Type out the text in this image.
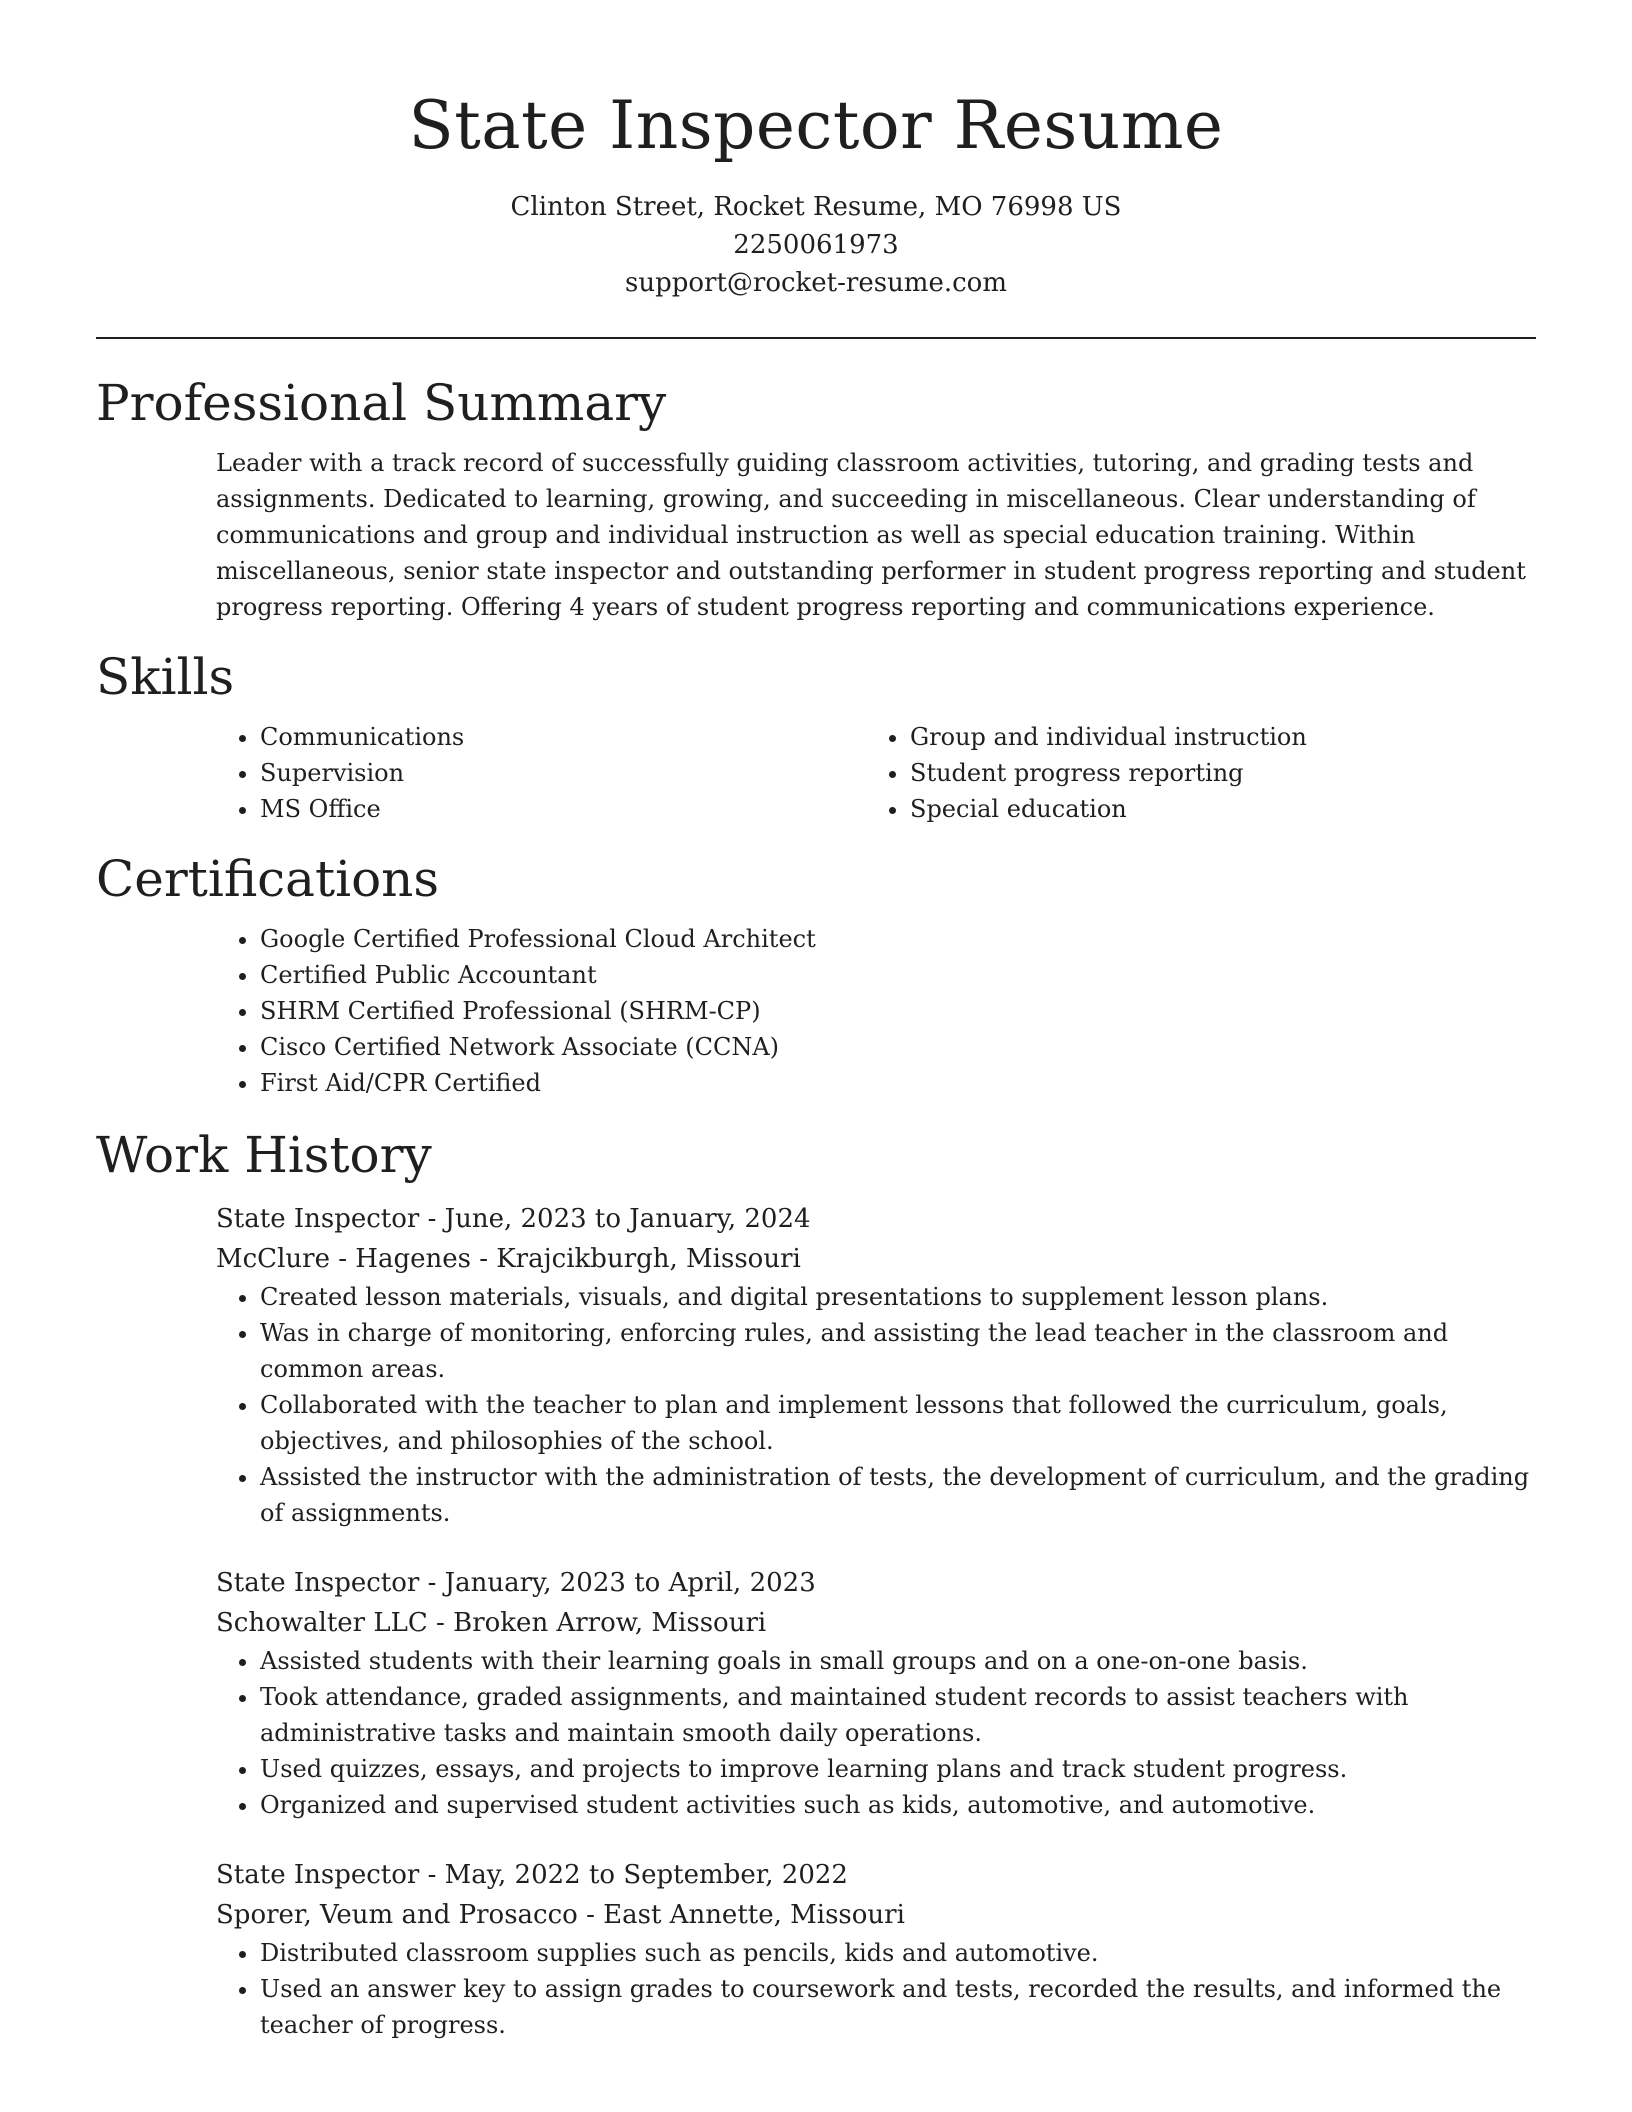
State Inspector Resume

Clinton Street, Rocket Resume, MO 76998 US

2250061973

support@rocket-resume.com

Professional Summary

Leader with a track record of successfully guiding classroom activities, tutoring, and grading tests and assignments. Dedicated to learning, growing, and succeeding in miscellaneous. Clear understanding of communications and group and individual instruction as well as special education training. Within miscellaneous, senior state inspector and outstanding performer in student progress reporting and student progress reporting. Offering 4 years of student progress reporting and communications experience.

Skills
• Communications
• Supervision
• MS Office
• Group and individual instruction
• Student progress reporting
• Special education
Certifications
• Google Certified Professional Cloud Architect
• Certified Public Accountant
• SHRM Certified Professional (SHRM-CP)
• Cisco Certified Network Associate (CCNA)
• First Aid/CPR Certified
Work History

State Inspector - June, 2023 to January, 2024

McClure - Hagenes - Krajcikburgh, Missouri

• Created lesson materials, visuals, and digital presentations to supplement lesson plans.
• Was in charge of monitoring, enforcing rules, and assisting the lead teacher in the classroom and common areas.
• Collaborated with the teacher to plan and implement lessons that followed the curriculum, goals, objectives, and philosophies of the school.
• Assisted the instructor with the administration of tests, the development of curriculum, and the grading of assignments.

State Inspector - January, 2023 to April, 2023

Schowalter LLC - Broken Arrow, Missouri

• Assisted students with their learning goals in small groups and on a one-on-one basis.
• Took attendance, graded assignments, and maintained student records to assist teachers with administrative tasks and maintain smooth daily operations.
• Used quizzes, essays, and projects to improve learning plans and track student progress.
• Organized and supervised student activities such as kids, automotive, and automotive.

State Inspector - May, 2022 to September, 2022

Sporer, Veum and Prosacco - East Annette, Missouri

• Distributed classroom supplies such as pencils, kids and automotive.
• Used an answer key to assign grades to coursework and tests, recorded the results, and informed the teacher of progress.
